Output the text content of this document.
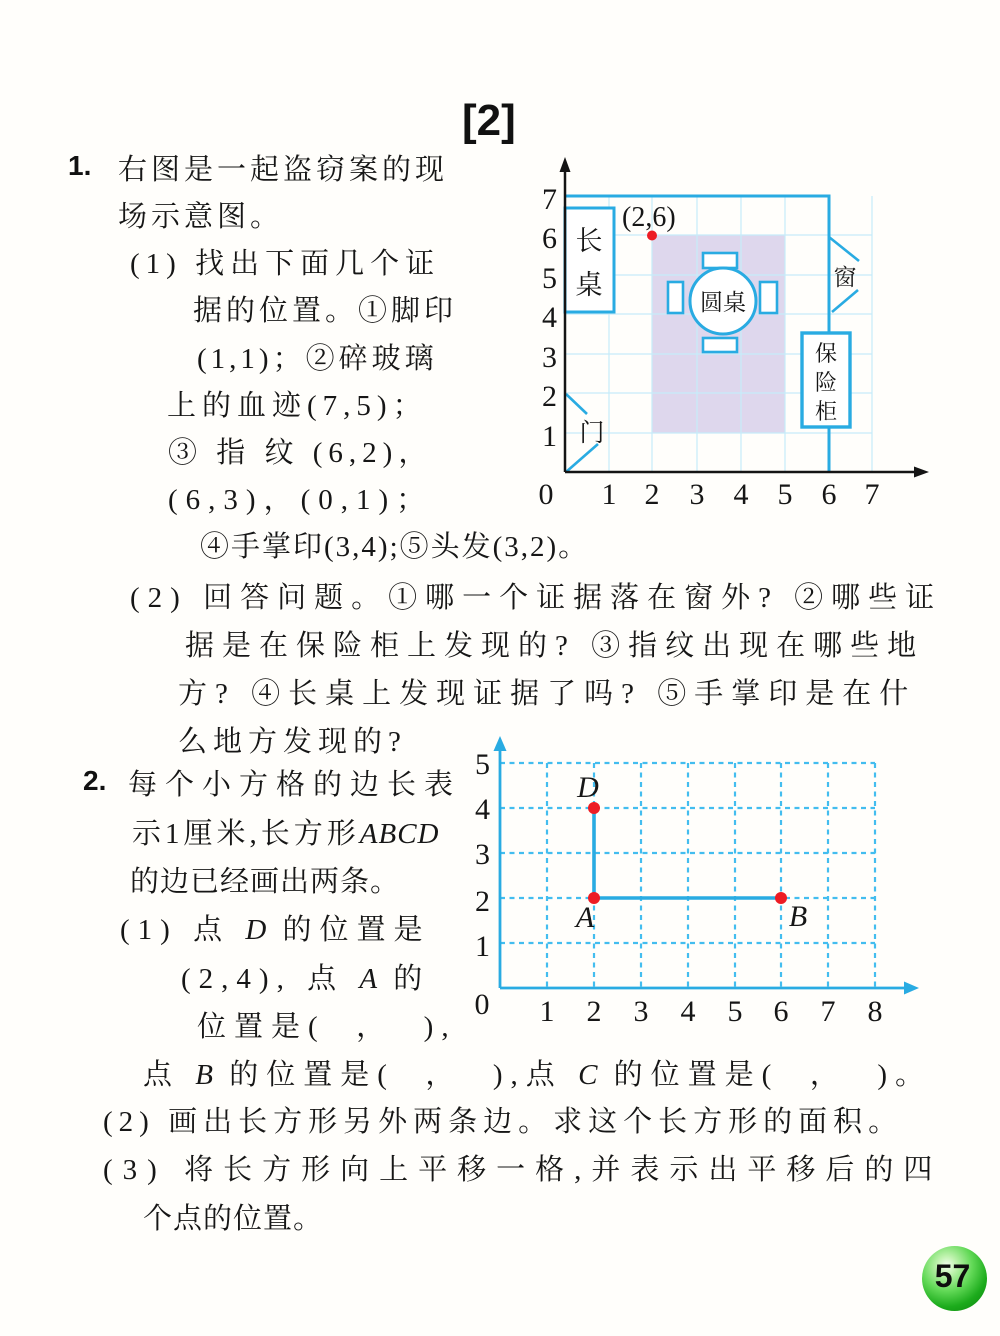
[2]
1. 右图是一起盗窃案的现
场示意图。
(1) 找出下面几个证
据的位置。①脚印
(1,1)；②碎玻璃
上的血迹(7,5)；
③ 指 纹 (6,2)，
(6,3)，(0,1)；
④手掌印(3,4);⑤头发(3,2)。
(2) 回答问题。①哪一个证据落在窗外? ②哪些证
据是在保险柜上发现的? ③指纹出现在哪些地
方? ④长桌上发现证据了吗? ⑤手掌印是在什
么地方发现的?
长
桌
圆桌
保
险
柜
窗
门
(2,6)
7
6
5
4
3
2
1
0 1 2 3 4 5 6 7
2. 每个小方格的边长表
示1厘米,长方形ABCD
的边已经画出两条。
(1) 点 D 的位置是
(2,4), 点 A 的
位置是(  ，  ),
点 B 的位置是(  ，  ),点 C 的位置是(  ，  )。
(2) 画出长方形另外两条边。求这个长方形的面积。
(3) 将长方形向上平移一格,并表示出平移后的四
个点的位置。
D
A	B
5
4
3
2
1
0 1 2 3 4 5 6 7 8
57
